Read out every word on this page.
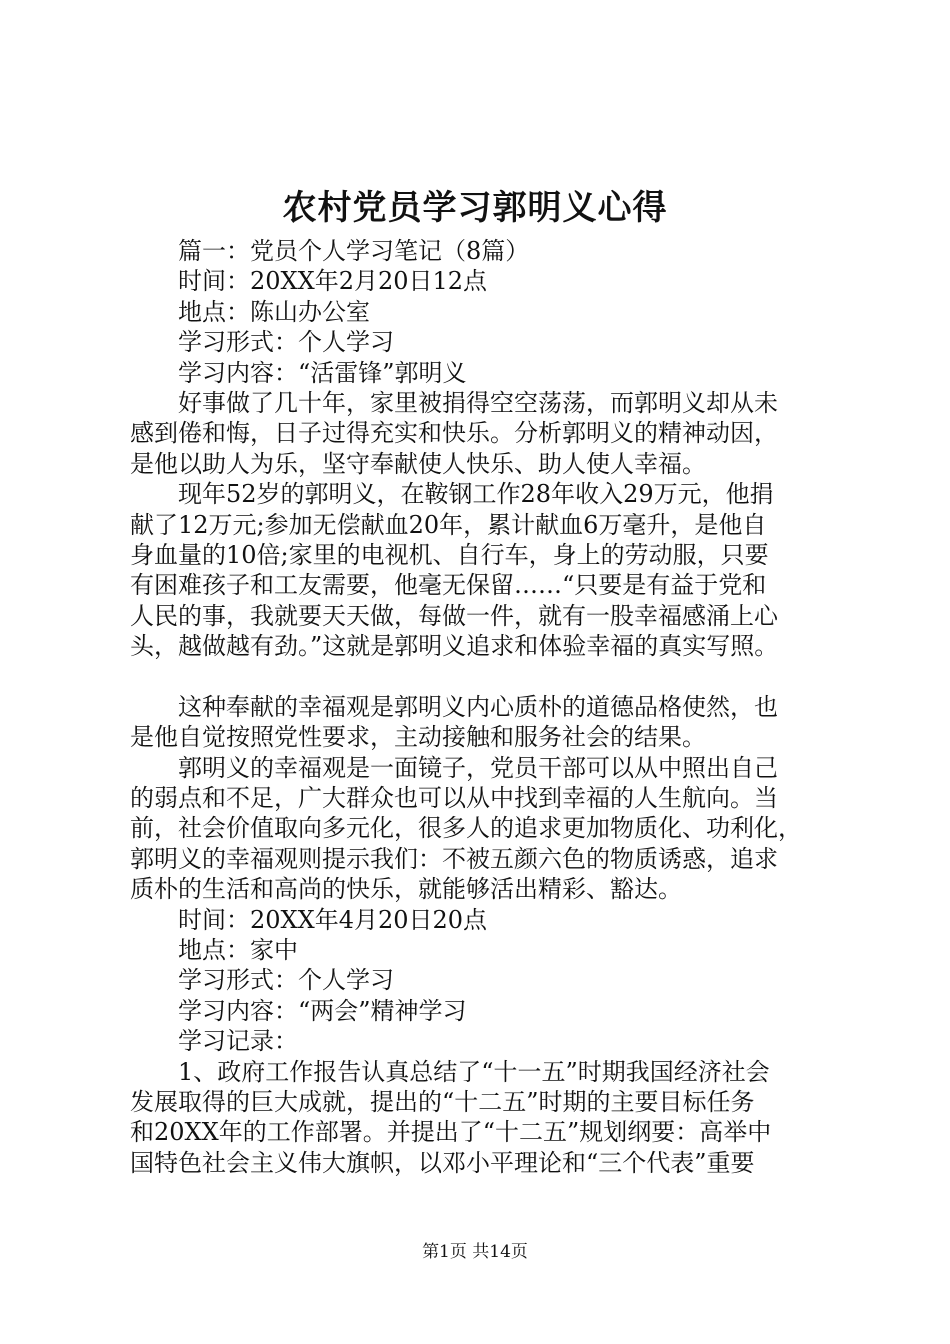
农村党员学习郭明义心得
篇一：党员个人学习笔记（8篇）
时间：20XX年2月20日12点
地点：陈山办公室
学习形式：个人学习
学习内容：“活雷锋”郭明义
好事做了几十年，家里被捐得空空荡荡，而郭明义却从未
感到倦和悔，日子过得充实和快乐。分析郭明义的精神动因，
是他以助人为乐，坚守奉献使人快乐、助人使人幸福。
现年52岁的郭明义，在鞍钢工作28年收入29万元，他捐
献了12万元;参加无偿献血20年，累计献血6万毫升，是他自
身血量的10倍;家里的电视机、自行车，身上的劳动服，只要
有困难孩子和工友需要，他毫无保留……“只要是有益于党和
人民的事，我就要天天做，每做一件，就有一股幸福感涌上心
头，越做越有劲。”这就是郭明义追求和体验幸福的真实写照。
这种奉献的幸福观是郭明义内心质朴的道德品格使然，也
是他自觉按照党性要求，主动接触和服务社会的结果。
郭明义的幸福观是一面镜子，党员干部可以从中照出自己
的弱点和不足，广大群众也可以从中找到幸福的人生航向。当
前，社会价值取向多元化，很多人的追求更加物质化、功利化，
郭明义的幸福观则提示我们：不被五颜六色的物质诱惑，追求
质朴的生活和高尚的快乐，就能够活出精彩、豁达。
时间：20XX年4月20日20点
地点：家中
学习形式：个人学习
学习内容：“两会”精神学习
学习记录：
1、政府工作报告认真总结了“十一五”时期我国经济社会
发展取得的巨大成就，提出的“十二五”时期的主要目标任务
和20XX年的工作部署。并提出了“十二五”规划纲要：高举中
国特色社会主义伟大旗帜，以邓小平理论和“三个代表”重要
第1页 共14页
